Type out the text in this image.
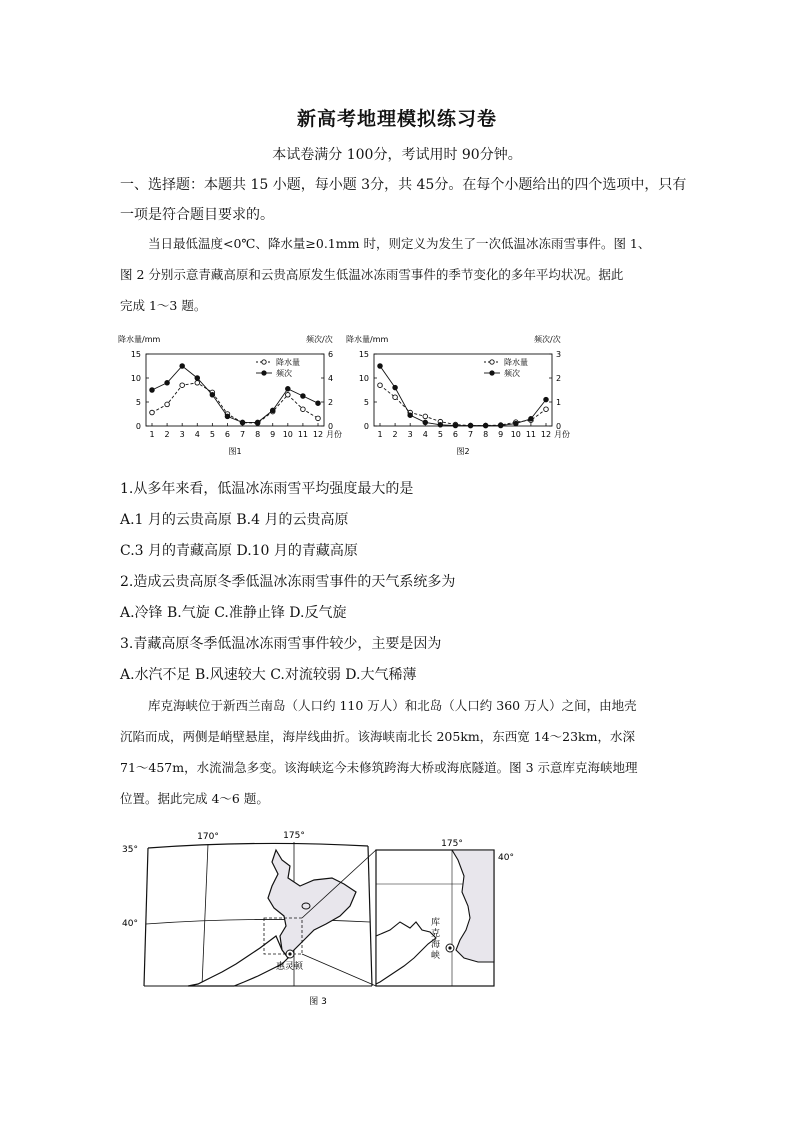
新高考地理模拟练习卷
本试卷满分 100分，考试用时 90分钟。
一、选择题：本题共 15 小题，每小题 3分，共 45分。在每个小题给出的四个选项中，只有
一项是符合题目要求的。
当日最低温度<0℃、降水量≥0.1mm 时，则定义为发生了一次低温冰冻雨雪事件。图 1、
图 2 分别示意青藏高原和云贵高原发生低温冰冻雨雪事件的季节变化的多年平均状况。据此
完成 1～3 题。
降水量/mm	频次/次
0
5
10
15
0
2
4
6
1 2 3 4 5 6 7 8 9 10 11 12 月份
降水量
频次
图1
降水量/mm	频次/次
0
5
10
15
0
1
2
3
1 2 3 4 5 6 7 8 9 10 11 12 月份
降水量
频次
图2
1.从多年来看，低温冰冻雨雪平均强度最大的是
A.1 月的云贵高原 B.4 月的云贵高原
C.3 月的青藏高原 D.10 月的青藏高原
2.造成云贵高原冬季低温冰冻雨雪事件的天气系统多为
A.冷锋 B.气旋 C.准静止锋 D.反气旋
3.青藏高原冬季低温冰冻雨雪事件较少，主要是因为
A.水汽不足 B.风速较大 C.对流较弱 D.大气稀薄
库克海峡位于新西兰南岛（人口约 110 万人）和北岛（人口约 360 万人）之间，由地壳
沉陷而成，两侧是峭壁悬崖，海岸线曲折。该海峡南北长 205km，东西宽 14～23km，水深
71～457m，水流湍急多变。该海峡迄今未修筑跨海大桥或海底隧道。图 3 示意库克海峡地理
位置。据此完成 4～6 题。
170°	175°
35°
40°
惠灵顿
175°
40°
库
克
海
峡
图 3
